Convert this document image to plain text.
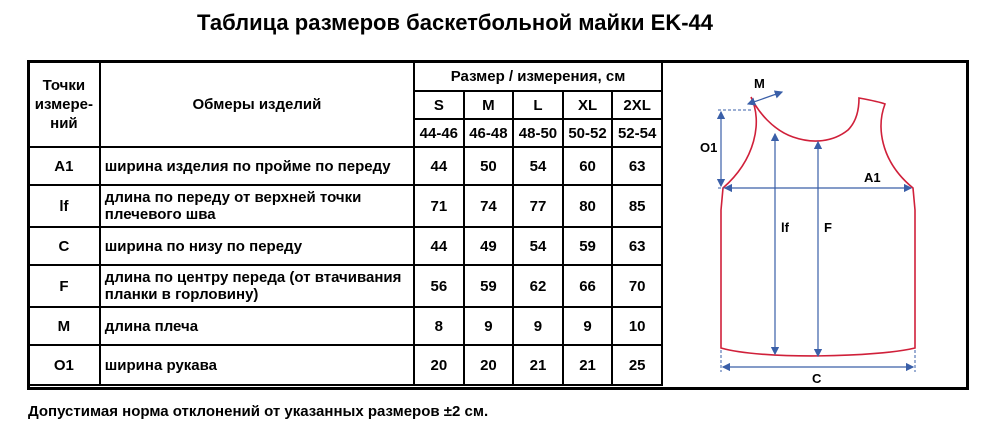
Таблица размеров баскетбольной майки EK-44
Точки измере-ний	Обмеры изделий	Размер / измерения, см				
		S	M	L	XL	2XL
		44-46	46-48	48-50	50-52	52-54
A1	ширина изделия по пройме по переду	44	50	54	60	63
lf	длина по переду от верхней точки плечевого шва	71	74	77	80	85
C	ширина по низу по переду	44	49	54	59	63
F	длина по центру переда (от втачивания планки в горловину)	56	59	62	66	70
M	длина плеча	8	9	9	9	10
O1	ширина рукава	20	20	21	21	25
M
O1
A1
lf	F
C
Допустимая норма отклонений от указанных размеров ±2 см.
